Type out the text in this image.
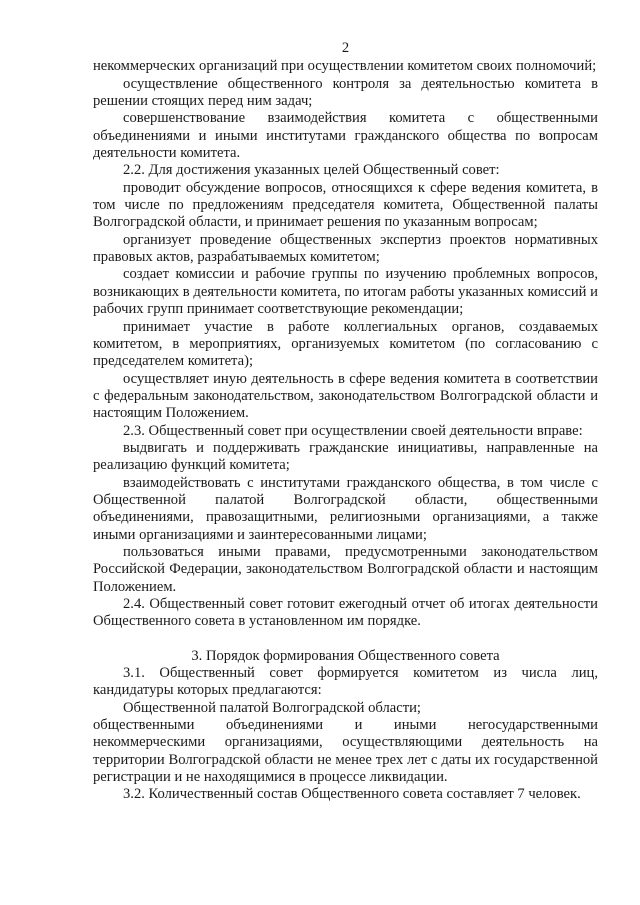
2

некоммерческих организаций при осуществлении комитетом своих полномочий;

осуществление общественного контроля за деятельностью комитета в решении стоящих перед ним задач;

совершенствование взаимодействия комитета с общественными объединениями и иными институтами гражданского общества по вопросам деятельности комитета.

2.2. Для достижения указанных целей Общественный совет:

проводит обсуждение вопросов, относящихся к сфере ведения комитета, в том числе по предложениям председателя комитета, Общественной палаты Волгоградской области, и принимает решения по указанным вопросам;

организует проведение общественных экспертиз проектов нормативных правовых актов, разрабатываемых комитетом;

создает комиссии и рабочие группы по изучению проблемных вопросов, возникающих в деятельности комитета, по итогам работы указанных комиссий и рабочих групп принимает соответствующие рекомендации;

принимает участие в работе коллегиальных органов, создаваемых комитетом, в мероприятиях, организуемых комитетом (по согласованию с председателем комитета);

осуществляет иную деятельность в сфере ведения комитета в соответствии с федеральным законодательством, законодательством Волгоградской области и настоящим Положением.

2.3. Общественный совет при осуществлении своей деятельности вправе:

выдвигать и поддерживать гражданские инициативы, направленные на реализацию функций комитета;

взаимодействовать с институтами гражданского общества, в том числе с Общественной палатой Волгоградской области, общественными объединениями, правозащитными, религиозными организациями, а также иными организациями и заинтересованными лицами;

пользоваться иными правами, предусмотренными законодательством Российской Федерации, законодательством Волгоградской области и настоящим Положением.

2.4. Общественный совет готовит ежегодный отчет об итогах деятельности Общественного совета в установленном им порядке.

3. Порядок формирования Общественного совета

3.1. Общественный совет формируется комитетом из числа лиц, кандидатуры которых предлагаются:

Общественной палатой Волгоградской области;

общественными объединениями и иными негосударственными некоммерческими организациями, осуществляющими деятельность на территории Волгоградской области не менее трех лет с даты их государственной регистрации и не находящимися в процессе ликвидации.

3.2. Количественный состав Общественного совета составляет 7 человек.
